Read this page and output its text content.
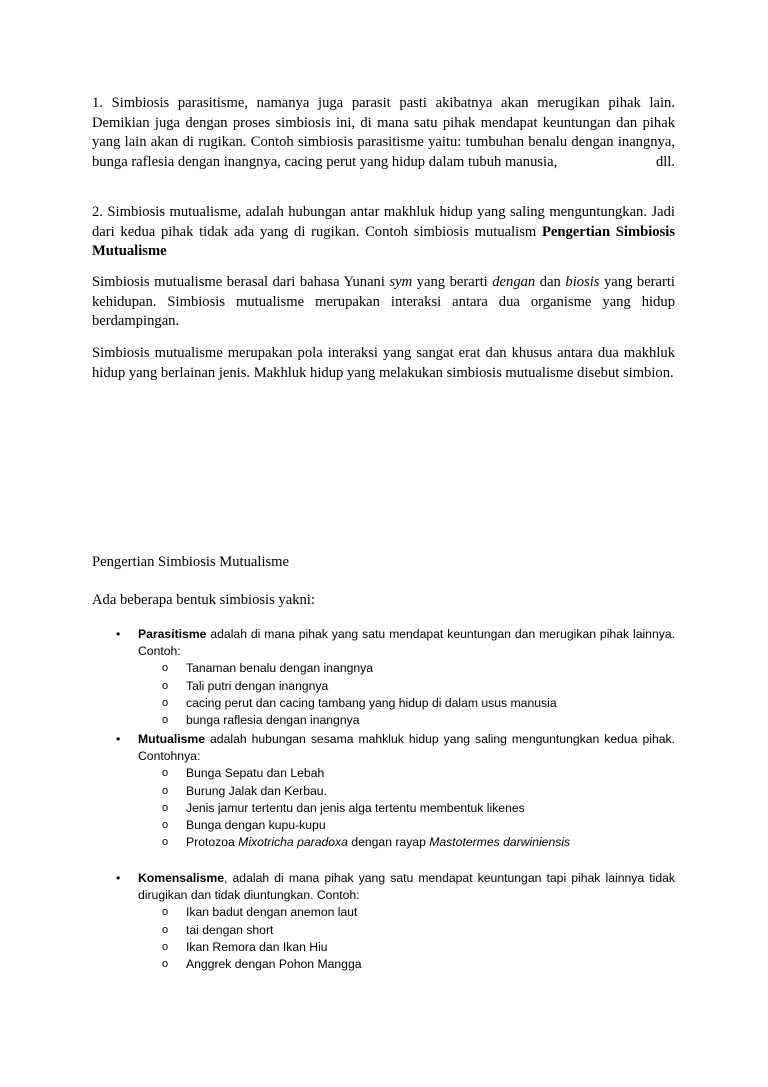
1. Simbiosis parasitisme, namanya juga parasit pasti akibatnya akan merugikan pihak lain. Demikian juga dengan proses simbiosis ini, di mana satu pihak mendapat keuntungan dan pihak yang lain akan di rugikan. Contoh simbiosis parasitisme yaitu: tumbuhan benalu dengan inangnya, bunga raflesia dengan inangnya, cacing perut yang hidup dalam tubuh manusia,	dll.

2. Simbiosis mutualisme, adalah hubungan antar makhluk hidup yang saling menguntungkan. Jadi dari kedua pihak tidak ada yang di rugikan. Contoh simbiosis mutualism Pengertian Simbiosis Mutualisme

Simbiosis mutualisme berasal dari bahasa Yunani sym yang berarti dengan dan biosis yang berarti kehidupan. Simbiosis mutualisme merupakan interaksi antara dua organisme yang hidup berdampingan.

Simbiosis mutualisme merupakan pola interaksi yang sangat erat dan khusus antara dua makhluk hidup yang berlainan jenis. Makhluk hidup yang melakukan simbiosis mutualisme disebut simbion.

Pengertian Simbiosis Mutualisme

Ada beberapa bentuk simbiosis yakni:

• Parasitisme adalah di mana pihak yang satu mendapat keuntungan dan merugikan pihak lainnya. Contoh:

o Tanaman benalu dengan inangnya
o Tali putri dengan inangnya
o cacing perut dan cacing tambang yang hidup di dalam usus manusia
o bunga raflesia dengan inangnya
• Mutualisme adalah hubungan sesama mahkluk hidup yang saling menguntungkan kedua pihak. Contohnya:

o Bunga Sepatu dan Lebah
o Burung Jalak dan Kerbau.
o Jenis jamur tertentu dan jenis alga tertentu membentuk likenes
o Bunga dengan kupu-kupu
o Protozoa Mixotricha paradoxa dengan rayap Mastotermes darwiniensis
• Komensalisme, adalah di mana pihak yang satu mendapat keuntungan tapi pihak lainnya tidak dirugikan dan tidak diuntungkan. Contoh:

o Ikan badut dengan anemon laut
o tai dengan short
o Ikan Remora dan Ikan Hiu
o Anggrek dengan Pohon Mangga
